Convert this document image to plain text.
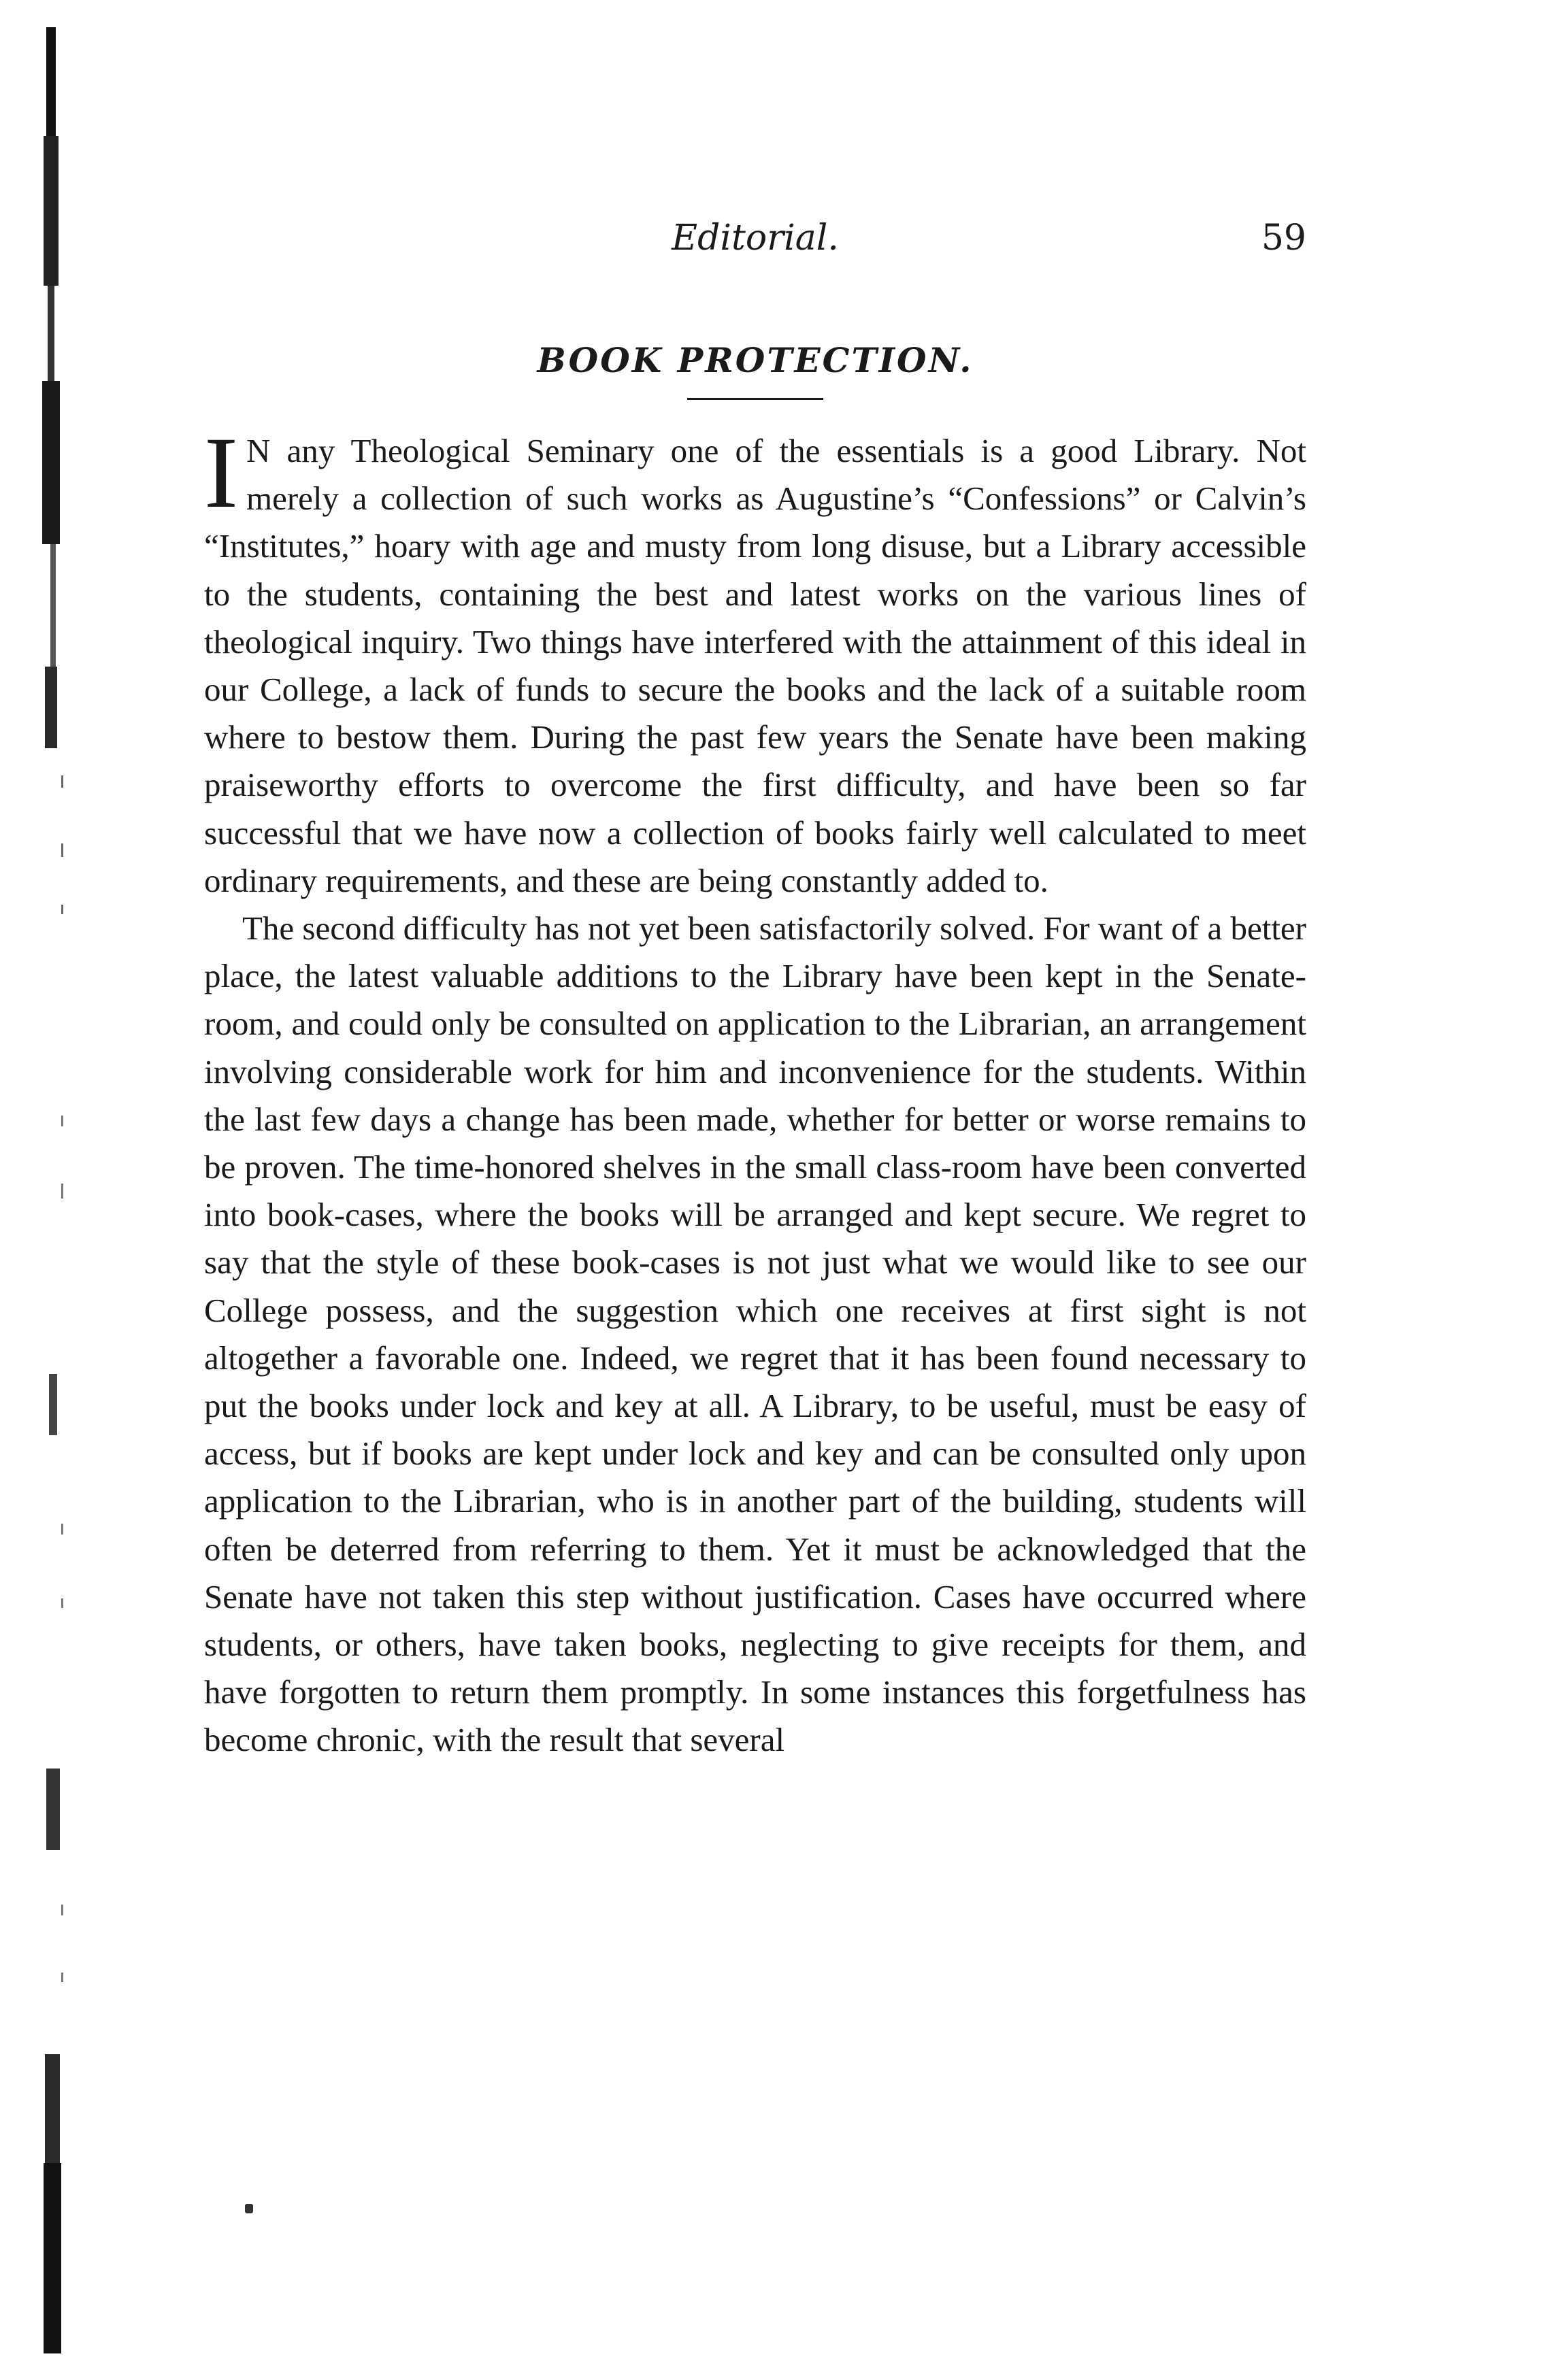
Editorial.	59
BOOK PROTECTION.

I N any Theological Seminary one of the essentials is a good Library. Not merely a collection of such works as Augustine’s “Confessions” or Calvin’s “Institutes,” hoary with age and musty from long disuse, but a Library accessible to the students, containing the best and latest works on the various lines of theological inquiry. Two things have interfered with the attainment of this ideal in our College, a lack of funds to secure the books and the lack of a suitable room where to bestow them. During the past few years the Senate have been making praiseworthy efforts to overcome the first difficulty, and have been so far successful that we have now a collection of books fairly well calculated to meet ordinary requirements, and these are being constantly added to.

The second difficulty has not yet been satisfactorily solved. For want of a better place, the latest valuable additions to the Library have been kept in the Senate-room, and could only be consulted on application to the Librarian, an arrangement involving considerable work for him and inconvenience for the students. Within the last few days a change has been made, whether for better or worse remains to be proven. The time-honored shelves in the small class-room have been converted into book-cases, where the books will be arranged and kept secure. We regret to say that the style of these book-cases is not just what we would like to see our College possess, and the suggestion which one receives at first sight is not altogether a favorable one. Indeed, we regret that it has been found necessary to put the books under lock and key at all. A Library, to be useful, must be easy of access, but if books are kept under lock and key and can be consulted only upon application to the Librarian, who is in another part of the building, students will often be deterred from referring to them. Yet it must be acknowledged that the Senate have not taken this step without justification. Cases have occurred where students, or others, have taken books, neglecting to give receipts for them, and have forgotten to return them promptly. In some instances this forgetfulness has become chronic, with the result that several
